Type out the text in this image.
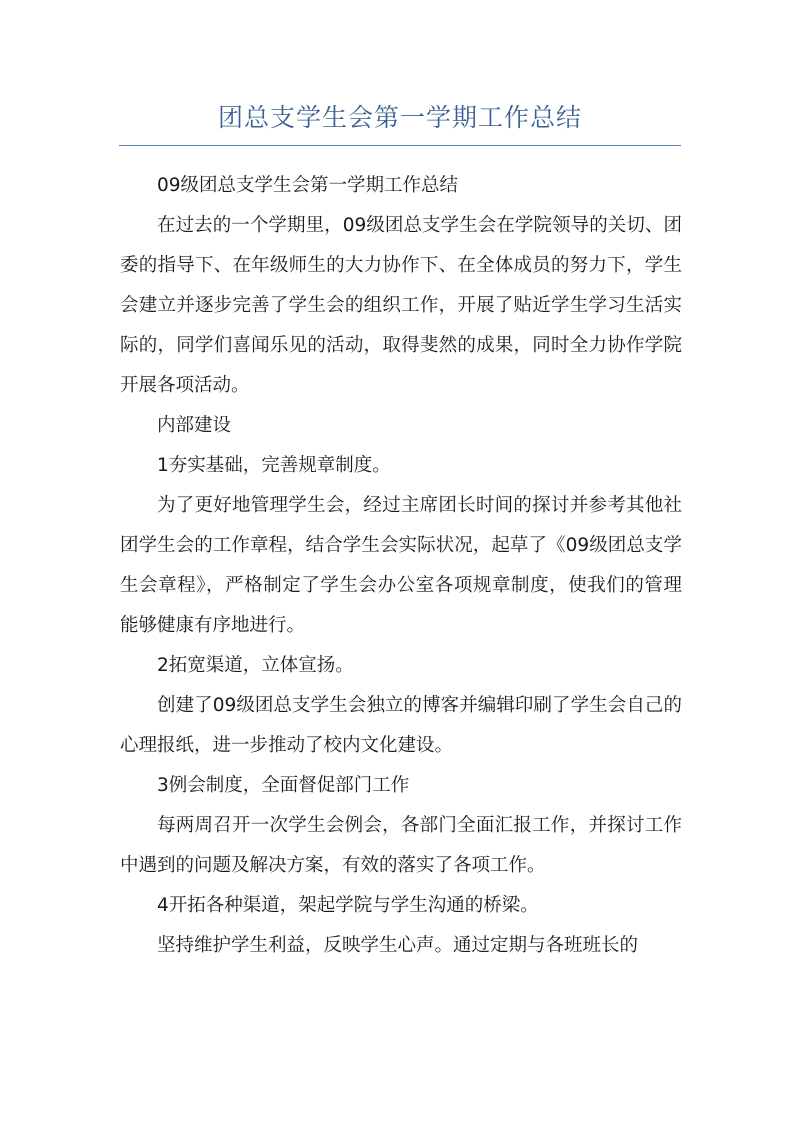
团总支学生会第一学期工作总结

09级团总支学生会第一学期工作总结

在过去的一个学期里，09级团总支学生会在学院领导的关切、团委的指导下、在年级师生的大力协作下、在全体成员的努力下，学生会建立并逐步完善了学生会的组织工作，开展了贴近学生学习生活实际的，同学们喜闻乐见的活动，取得斐然的成果，同时全力协作学院开展各项活动。

内部建设

1夯实基础，完善规章制度。

为了更好地管理学生会，经过主席团长时间的探讨并参考其他社团学生会的工作章程，结合学生会实际状况，起草了《09级团总支学生会章程》，严格制定了学生会办公室各项规章制度，使我们的管理能够健康有序地进行。

2拓宽渠道，立体宣扬。

创建了09级团总支学生会独立的博客并编辑印刷了学生会自己的心理报纸，进一步推动了校内文化建设。

3例会制度，全面督促部门工作

每两周召开一次学生会例会，各部门全面汇报工作，并探讨工作中遇到的问题及解决方案，有效的落实了各项工作。

4开拓各种渠道，架起学院与学生沟通的桥梁。

坚持维护学生利益，反映学生心声。通过定期与各班班长的
